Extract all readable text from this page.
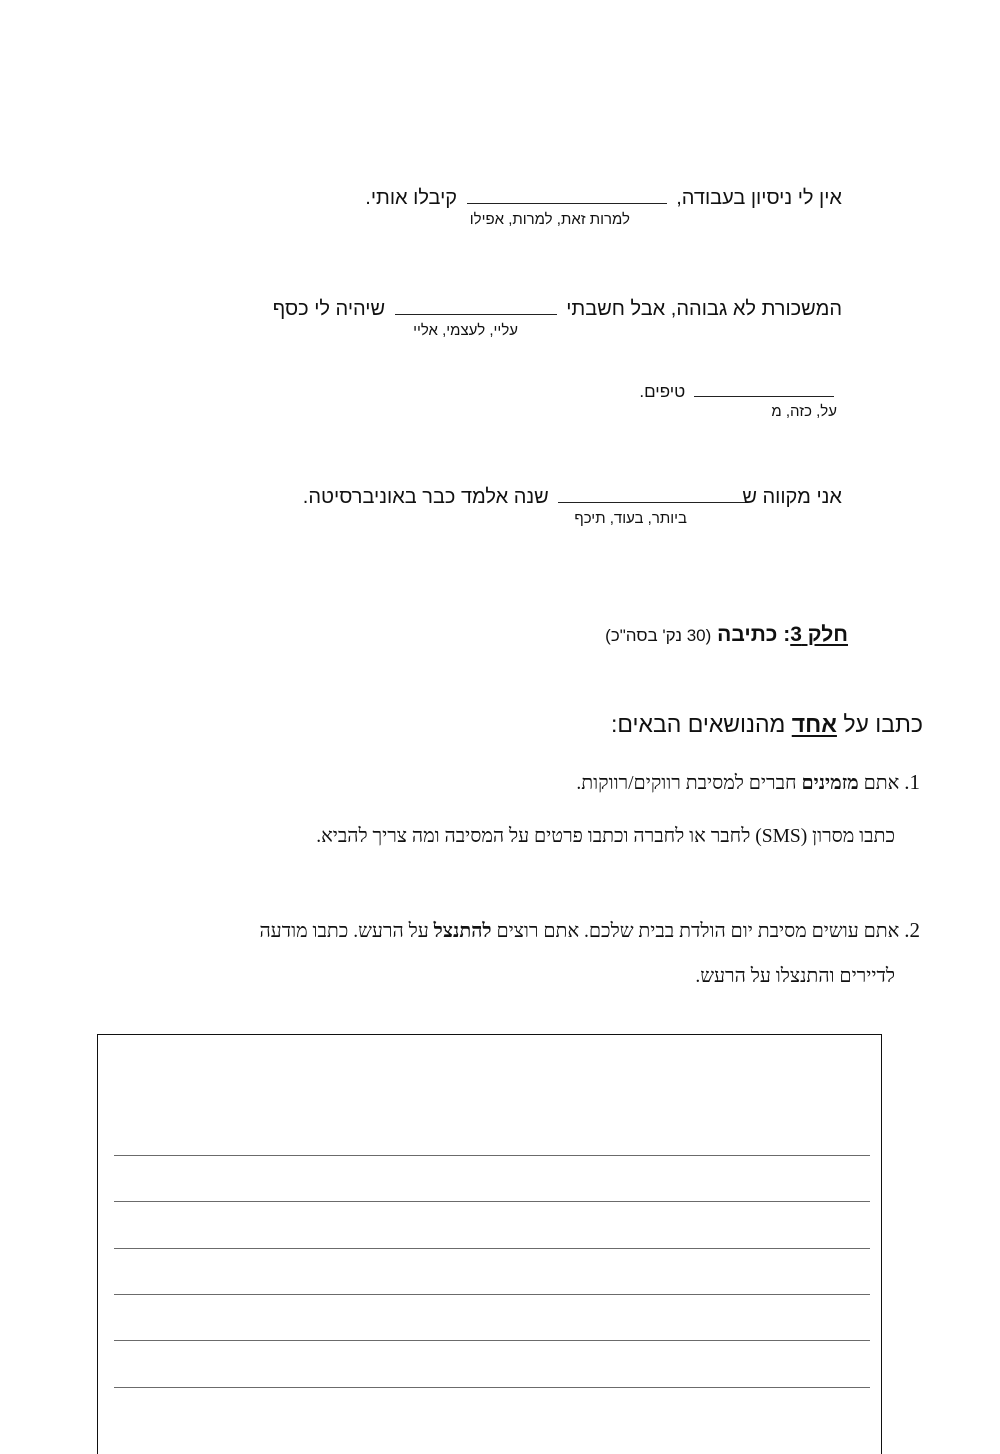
אין לי ניסיון בעבודה,  קיבלו אותי.
למרות זאת, למרות, אפילו
המשכורת לא גבוהה, אבל חשבתי  שיהיה לי כסף
עליי, לעצמי, אליי
טיפים.
על, כזה, מ
אני מקווה ש שנה אלמד כבר באוניברסיטה.
ביותר, בעוד, תיכף
חלק 3: כתיבה (30 נק' בסה"כ)
כתבו על אחד מהנושאים הבאים:
1. אתם מזמינים חברים למסיבת רווקים/רווקות.
כתבו מסרון (SMS) לחבר או לחברה וכתבו פרטים על המסיבה ומה צריך להביא.
2. אתם עושים מסיבת יום הולדת בבית שלכם. אתם רוצים להתנצל על הרעש. כתבו מודעה
לדיירים והתנצלו על הרעש.
